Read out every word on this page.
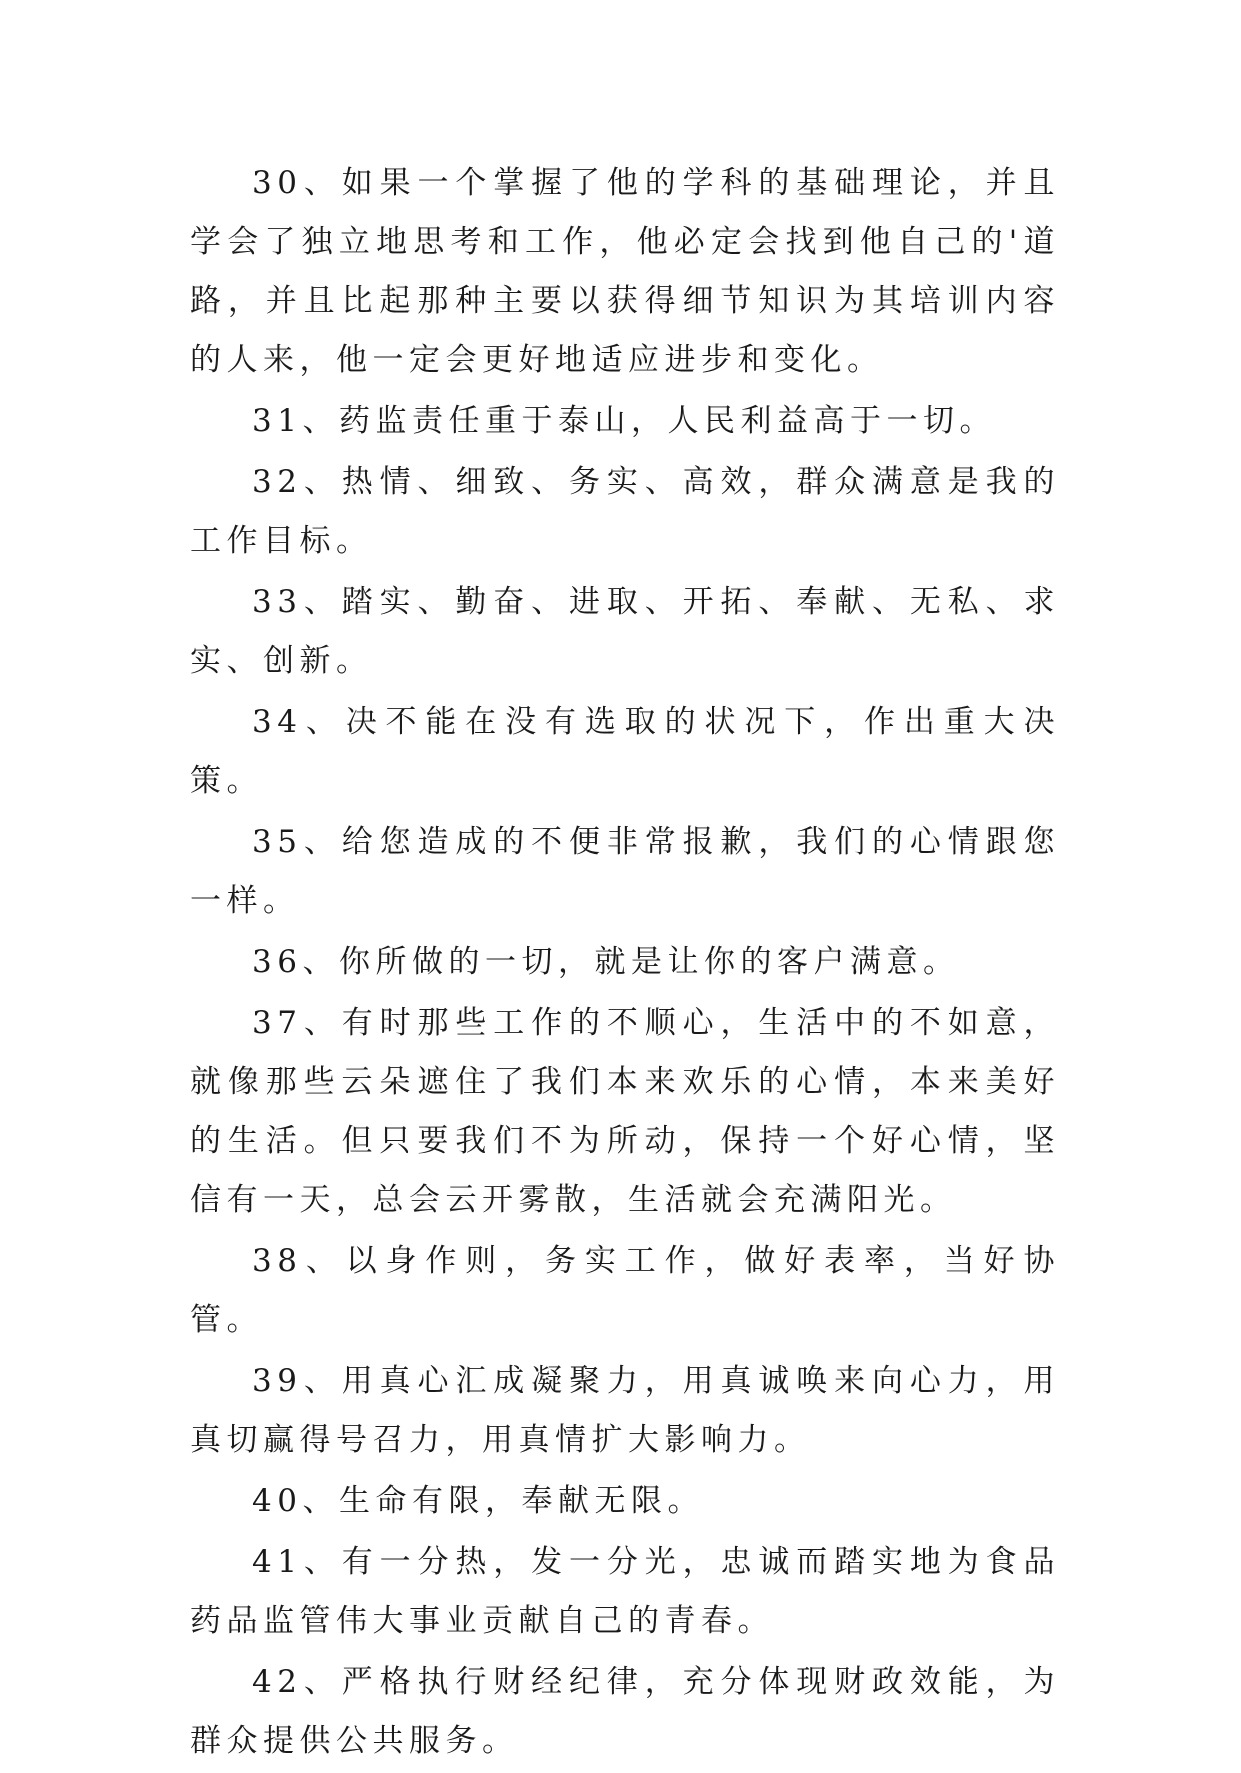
30、如果一个掌握了他的学科的基础理论，并且学会了独立地思考和工作，他必定会找到他自己的'道路，并且比起那种主要以获得细节知识为其培训内容的人来，他一定会更好地适应进步和变化。

31、药监责任重于泰山，人民利益高于一切。

32、热情、细致、务实、高效，群众满意是我的工作目标。

33、踏实、勤奋、进取、开拓、奉献、无私、求实、创新。

34、决不能在没有选取的状况下，作出重大决策。

35、给您造成的不便非常报歉，我们的心情跟您一样。

36、你所做的一切，就是让你的客户满意。

37、有时那些工作的不顺心，生活中的不如意，就像那些云朵遮住了我们本来欢乐的心情，本来美好的生活。但只要我们不为所动，保持一个好心情，坚信有一天，总会云开雾散，生活就会充满阳光。

38、以身作则，务实工作，做好表率，当好协管。

39、用真心汇成凝聚力，用真诚唤来向心力，用真切赢得号召力，用真情扩大影响力。

40、生命有限，奉献无限。

41、有一分热，发一分光，忠诚而踏实地为食品药品监管伟大事业贡献自己的青春。

42、严格执行财经纪律，充分体现财政效能，为群众提供公共服务。
